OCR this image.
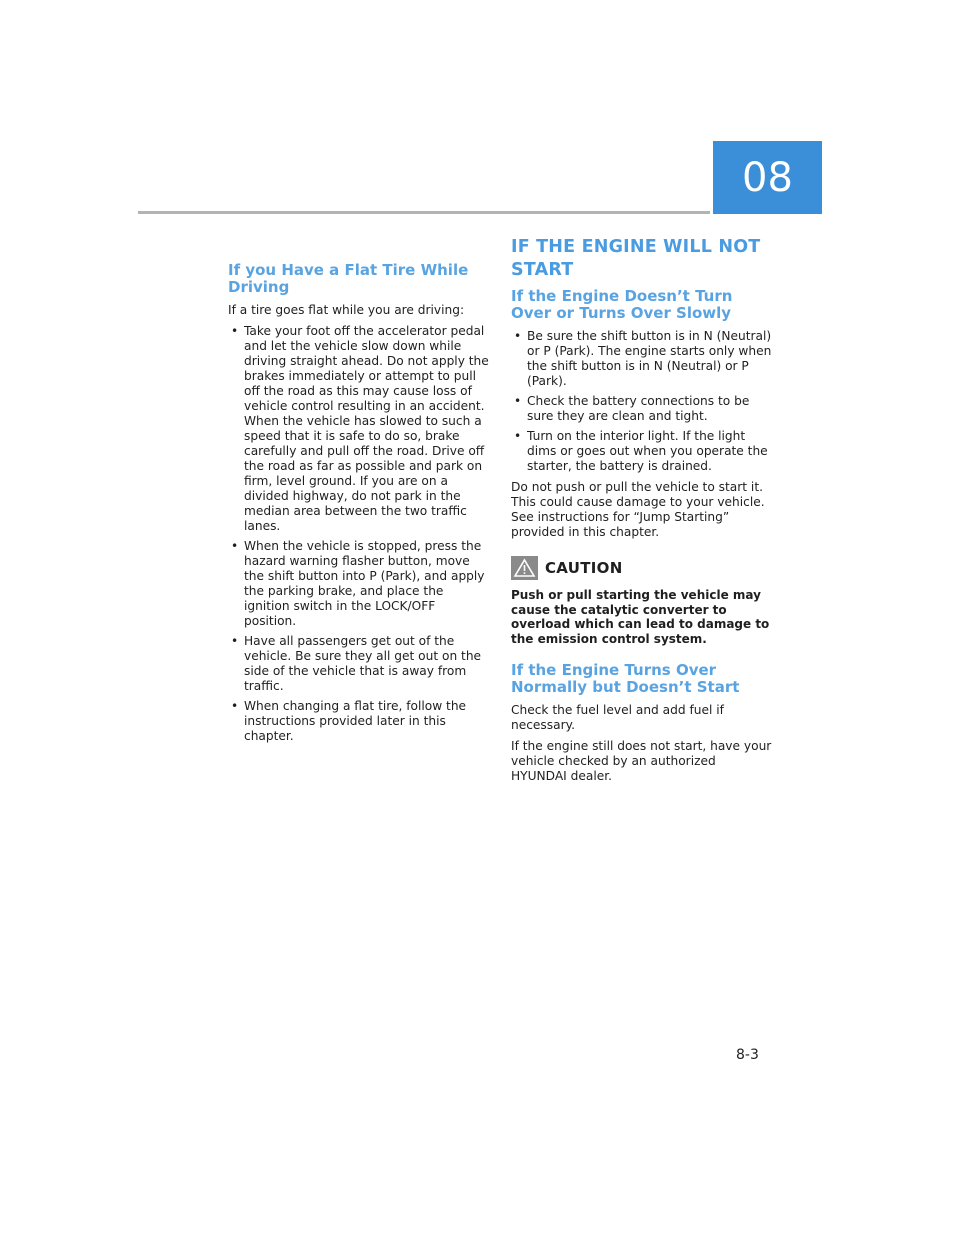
08
If you Have a Flat Tire While Driving

If a tire goes flat while you are driving:

• Take your foot off the accelerator pedal and let the vehicle slow down while driving straight ahead. Do not apply the brakes immediately or attempt to pull off the road as this may cause loss of vehicle control resulting in an accident. When the vehicle has slowed to such a speed that it is safe to do so, brake carefully and pull off the road. Drive off the road as far as possible and park on firm, level ground. If you are on a divided highway, do not park in the median area between the two traffic lanes.
• When the vehicle is stopped, press the hazard warning flasher button, move the shift button into P (Park), and apply the parking brake, and place the ignition switch in the LOCK/OFF position.
• Have all passengers get out of the vehicle. Be sure they all get out on the side of the vehicle that is away from traffic.
• When changing a flat tire, follow the instructions provided later in this chapter.
IF THE ENGINE WILL NOT START
If the Engine Doesn’t Turn Over or Turns Over Slowly
• Be sure the shift button is in N (Neutral) or P (Park). The engine starts only when the shift button is in N (Neutral) or P (Park).
• Check the battery connections to be sure they are clean and tight.
• Turn on the interior light. If the light dims or goes out when you operate the starter, the battery is drained.

Do not push or pull the vehicle to start it. This could cause damage to your vehicle. See instructions for “Jump Starting” provided in this chapter.

CAUTION

Push or pull starting the vehicle may cause the catalytic converter to overload which can lead to damage to the emission control system.

If the Engine Turns Over Normally but Doesn’t Start

Check the fuel level and add fuel if necessary.

If the engine still does not start, have your vehicle checked by an authorized HYUNDAI dealer.

8-3
